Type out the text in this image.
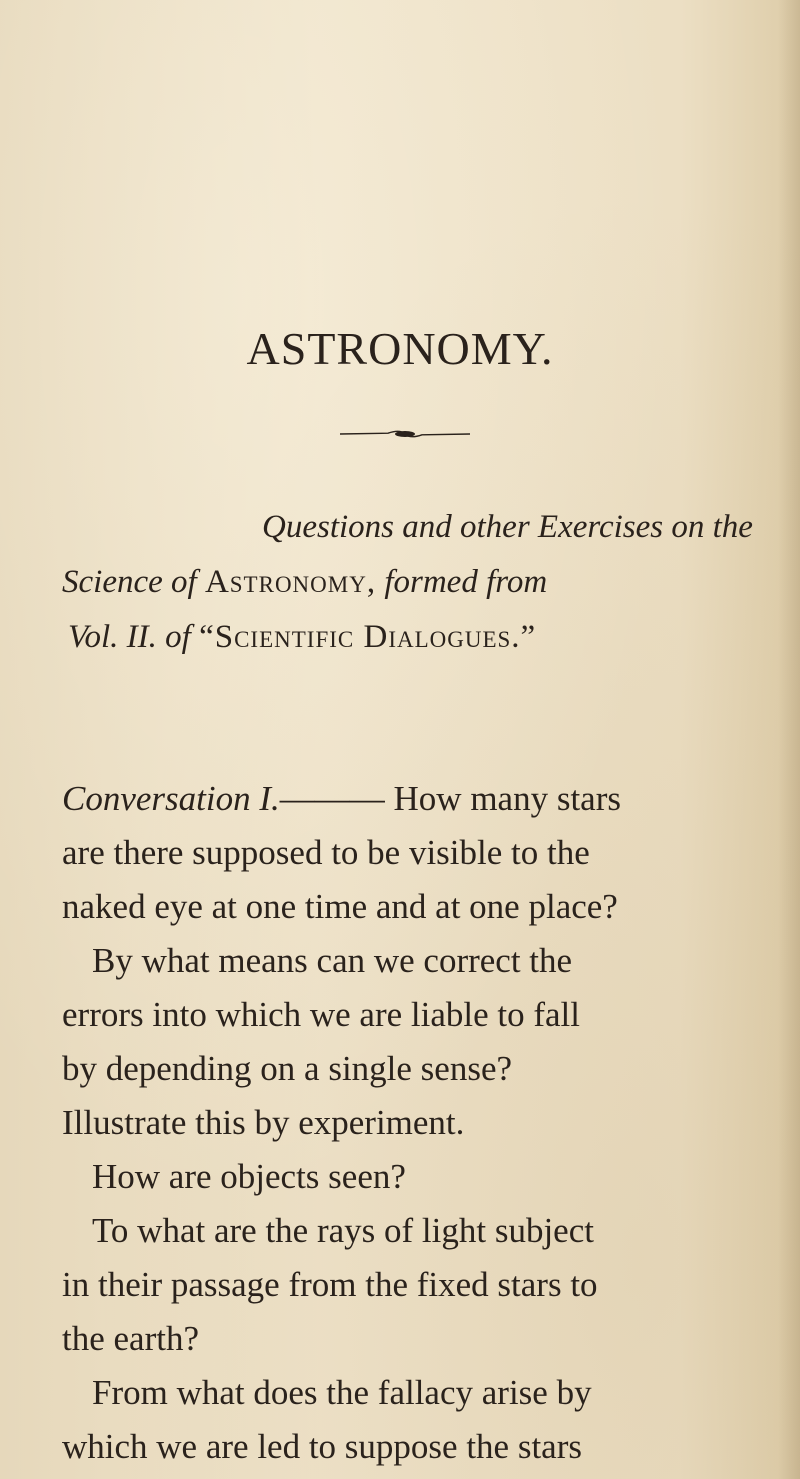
ASTRONOMY.
Questions and other Exercises on the
Science of Astronomy, formed from
Vol. II. of “Scientific Dialogues.”
Conversation I.——— How many stars
are there supposed to be visible to the
naked eye at one time and at one place?
By what means can we correct the
errors into which we are liable to fall
by depending on a single sense?
Illustrate this by experiment.
How are objects seen?
To what are the rays of light subject
in their passage from the fixed stars to
the earth?
From what does the fallacy arise by
which we are led to suppose the stars
